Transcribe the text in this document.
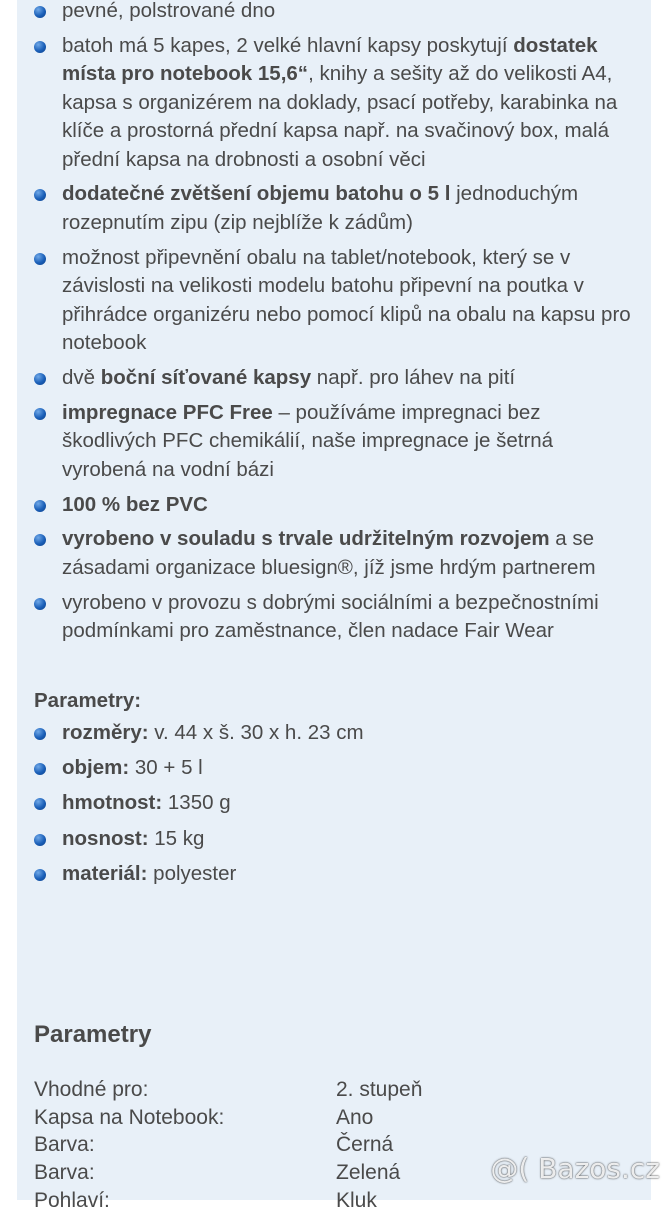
pevné, polstrované dno
batoh má 5 kapes, 2 velké hlavní kapsy poskytují dostatek místa pro notebook 15,6“, knihy a sešity až do velikosti A4, kapsa s organizérem na doklady, psací potřeby, karabinka na klíče a prostorná přední kapsa např. na svačinový box, malá přední kapsa na drobnosti a osobní věci
dodatečné zvětšení objemu batohu o 5 l jednoduchým rozepnutím zipu (zip nejblíže k zádům)
možnost připevnění obalu na tablet/notebook, který se v závislosti na velikosti modelu batohu připevní na poutka v přihrádce organizéru nebo pomocí klipů na obalu na kapsu pro notebook
dvě boční síťované kapsy např. pro láhev na pití
impregnace PFC Free – používáme impregnaci bez škodlivých PFC chemikálií, naše impregnace je šetrná vyrobená na vodní bázi
100 % bez PVC
vyrobeno v souladu s trvale udržitelným rozvojem a se zásadami organizace bluesign®, jíž jsme hrdým partnerem
vyrobeno v provozu s dobrými sociálními a bezpečnostními podmínkami pro zaměstnance, člen nadace Fair Wear

Parametry:

rozměry: v. 44 x š. 30 x h. 23 cm
objem: 30 + 5 l
hmotnost: 1350 g
nosnost: 15 kg
materiál: polyester
Parametry
Vhodné pro:	2. stupeň
Kapsa na Notebook:	Ano
Barva:	Černá
Barva:	Zelená
Pohlaví:	Kluk
@( Bazos.cz
